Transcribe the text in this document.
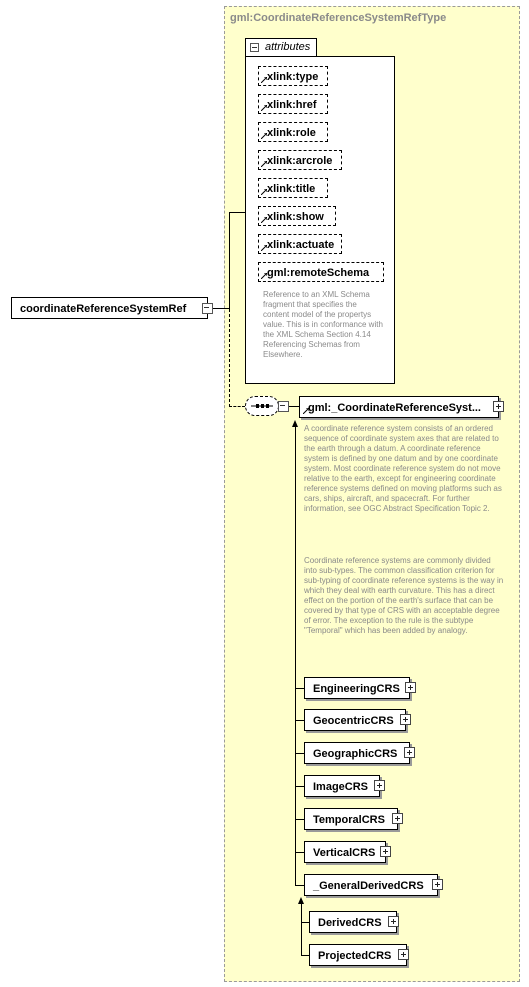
gml:CoordinateReferenceSystemRefType
coordinateReferenceSystemRef
attributes
xlink:type
xlink:href
xlink:role
xlink:arcrole
xlink:title
xlink:show
xlink:actuate
gml:remoteSchema
Reference to an XML Schema fragment that specifies the content model of the propertys value. This is in conformance with the XML Schema Section 4.14 Referencing Schemas from Elsewhere.
gml:_CoordinateReferenceSyst...
A coordinate reference system consists of an ordered sequence of coordinate system axes that are related to the earth through a datum. A coordinate reference system is defined by one datum and by one coordinate system. Most coordinate reference system do not move relative to the earth, except for engineering coordinate reference systems defined on moving platforms such as cars, ships, aircraft, and spacecraft. For further information, see OGC Abstract Specification Topic 2.
Coordinate reference systems are commonly divided into sub-types. The common classification criterion for sub-typing of coordinate reference systems is the way in which they deal with earth curvature. This has a direct effect on the portion of the earth's surface that can be covered by that type of CRS with an acceptable degree of error. The exception to the rule is the subtype "Temporal" which has been added by analogy.
EngineeringCRS
GeocentricCRS
GeographicCRS
ImageCRS
TemporalCRS
VerticalCRS
_GeneralDerivedCRS
DerivedCRS
ProjectedCRS
